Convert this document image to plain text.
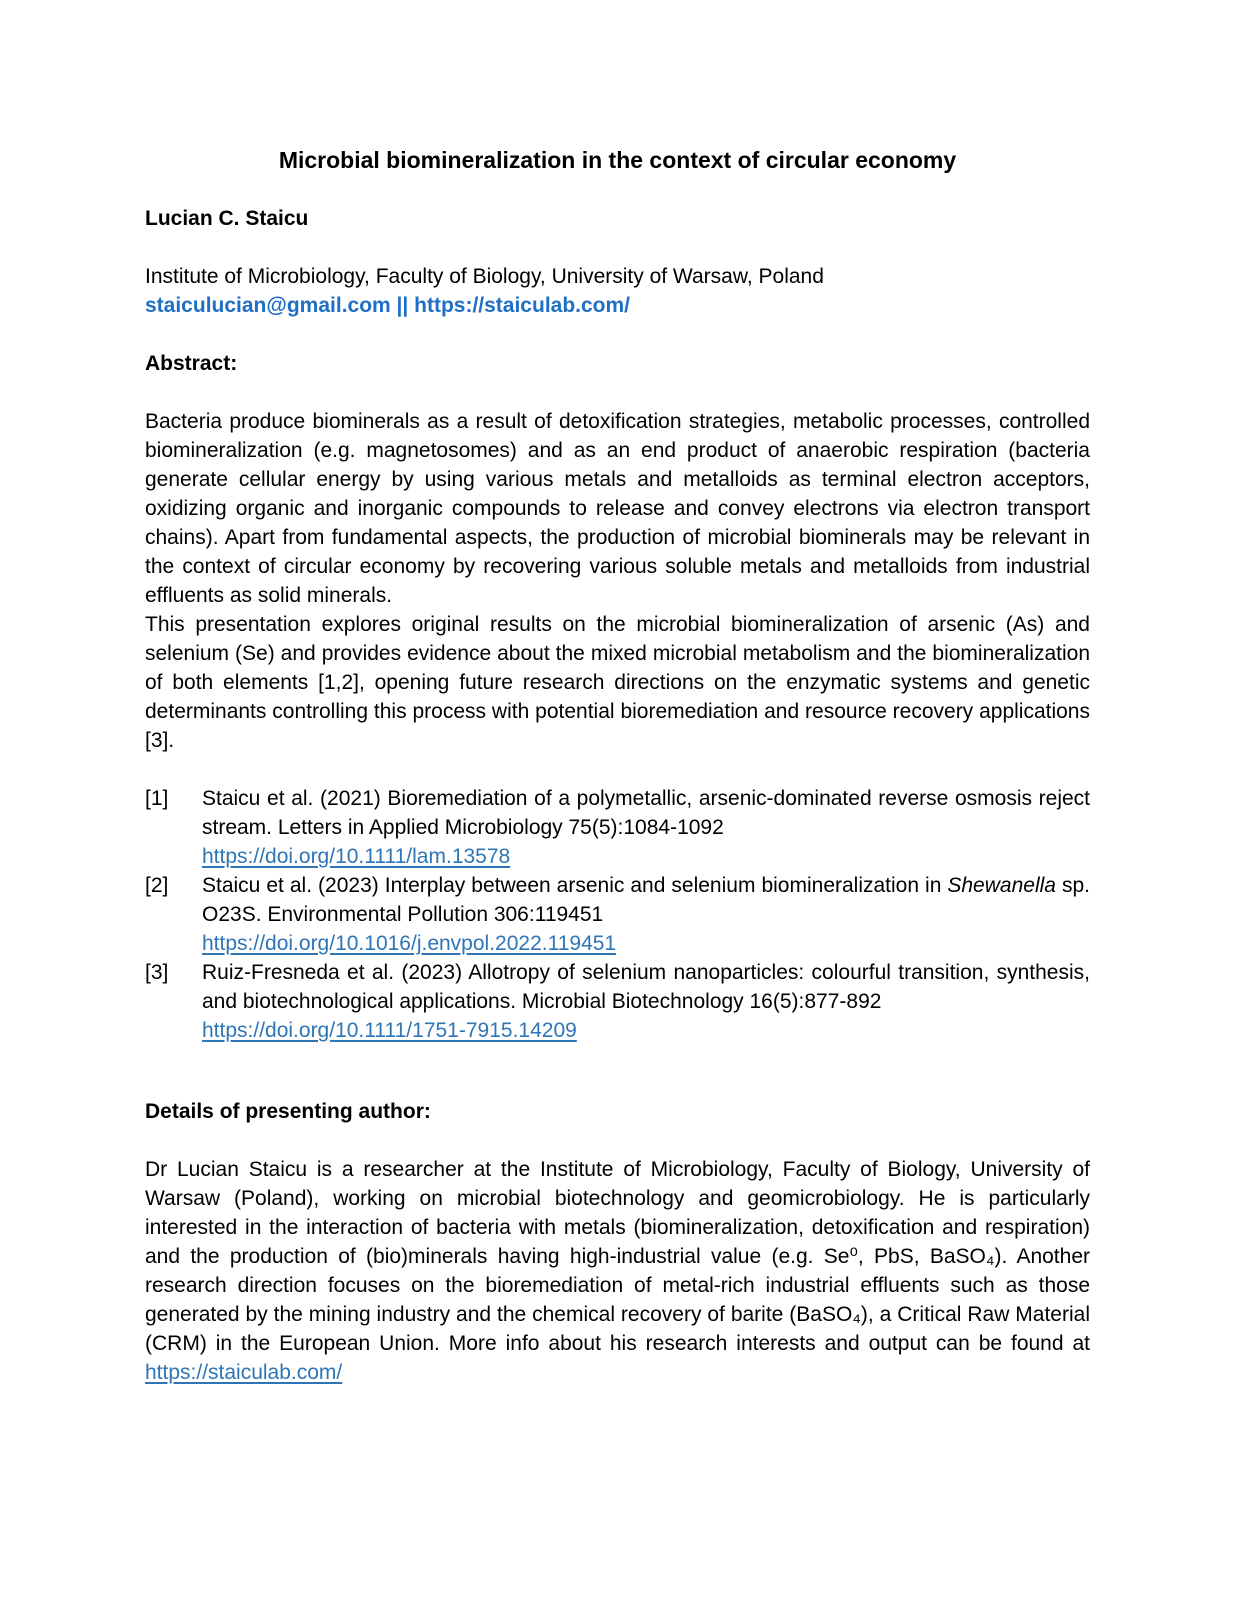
Microbial biomineralization in the context of circular economy
Lucian C. Staicu
Institute of Microbiology, Faculty of Biology, University of Warsaw, Poland
staiculucian@gmail.com || https://staiculab.com/
Abstract:

Bacteria produce biominerals as a result of detoxification strategies, metabolic processes, controlled biomineralization (e.g. magnetosomes) and as an end product of anaerobic respiration (bacteria generate cellular energy by using various metals and metalloids as terminal electron acceptors, oxidizing organic and inorganic compounds to release and convey electrons via electron transport chains). Apart from fundamental aspects, the production of microbial biominerals may be relevant in the context of circular economy by recovering various soluble metals and metalloids from industrial effluents as solid minerals.

This presentation explores original results on the microbial biomineralization of arsenic (As) and selenium (Se) and provides evidence about the mixed microbial metabolism and the biomineralization of both elements [1,2], opening future research directions on the enzymatic systems and genetic determinants controlling this process with potential bioremediation and resource recovery applications [3].

[1]	Staicu et al. (2021) Bioremediation of a polymetallic, arsenic-dominated reverse osmosis reject stream. Letters in Applied Microbiology 75(5):1084-1092
https://doi.org/10.1111/lam.13578
[2]	Staicu et al. (2023) Interplay between arsenic and selenium biomineralization in Shewanella sp. O23S. Environmental Pollution 306:119451
https://doi.org/10.1016/j.envpol.2022.119451
[3]	Ruiz-Fresneda et al. (2023) Allotropy of selenium nanoparticles: colourful transition, synthesis, and biotechnological applications. Microbial Biotechnology 16(5):877-892
https://doi.org/10.1111/1751-7915.14209
Details of presenting author:

Dr Lucian Staicu is a researcher at the Institute of Microbiology, Faculty of Biology, University of Warsaw (Poland), working on microbial biotechnology and geomicrobiology. He is particularly interested in the interaction of bacteria with metals (biomineralization, detoxification and respiration) and the production of (bio)minerals having high-industrial value (e.g. Se⁰, PbS, BaSO₄). Another research direction focuses on the bioremediation of metal-rich industrial effluents such as those generated by the mining industry and the chemical recovery of barite (BaSO₄), a Critical Raw Material (CRM) in the European Union. More info about his research interests and output can be found at https://staiculab.com/
